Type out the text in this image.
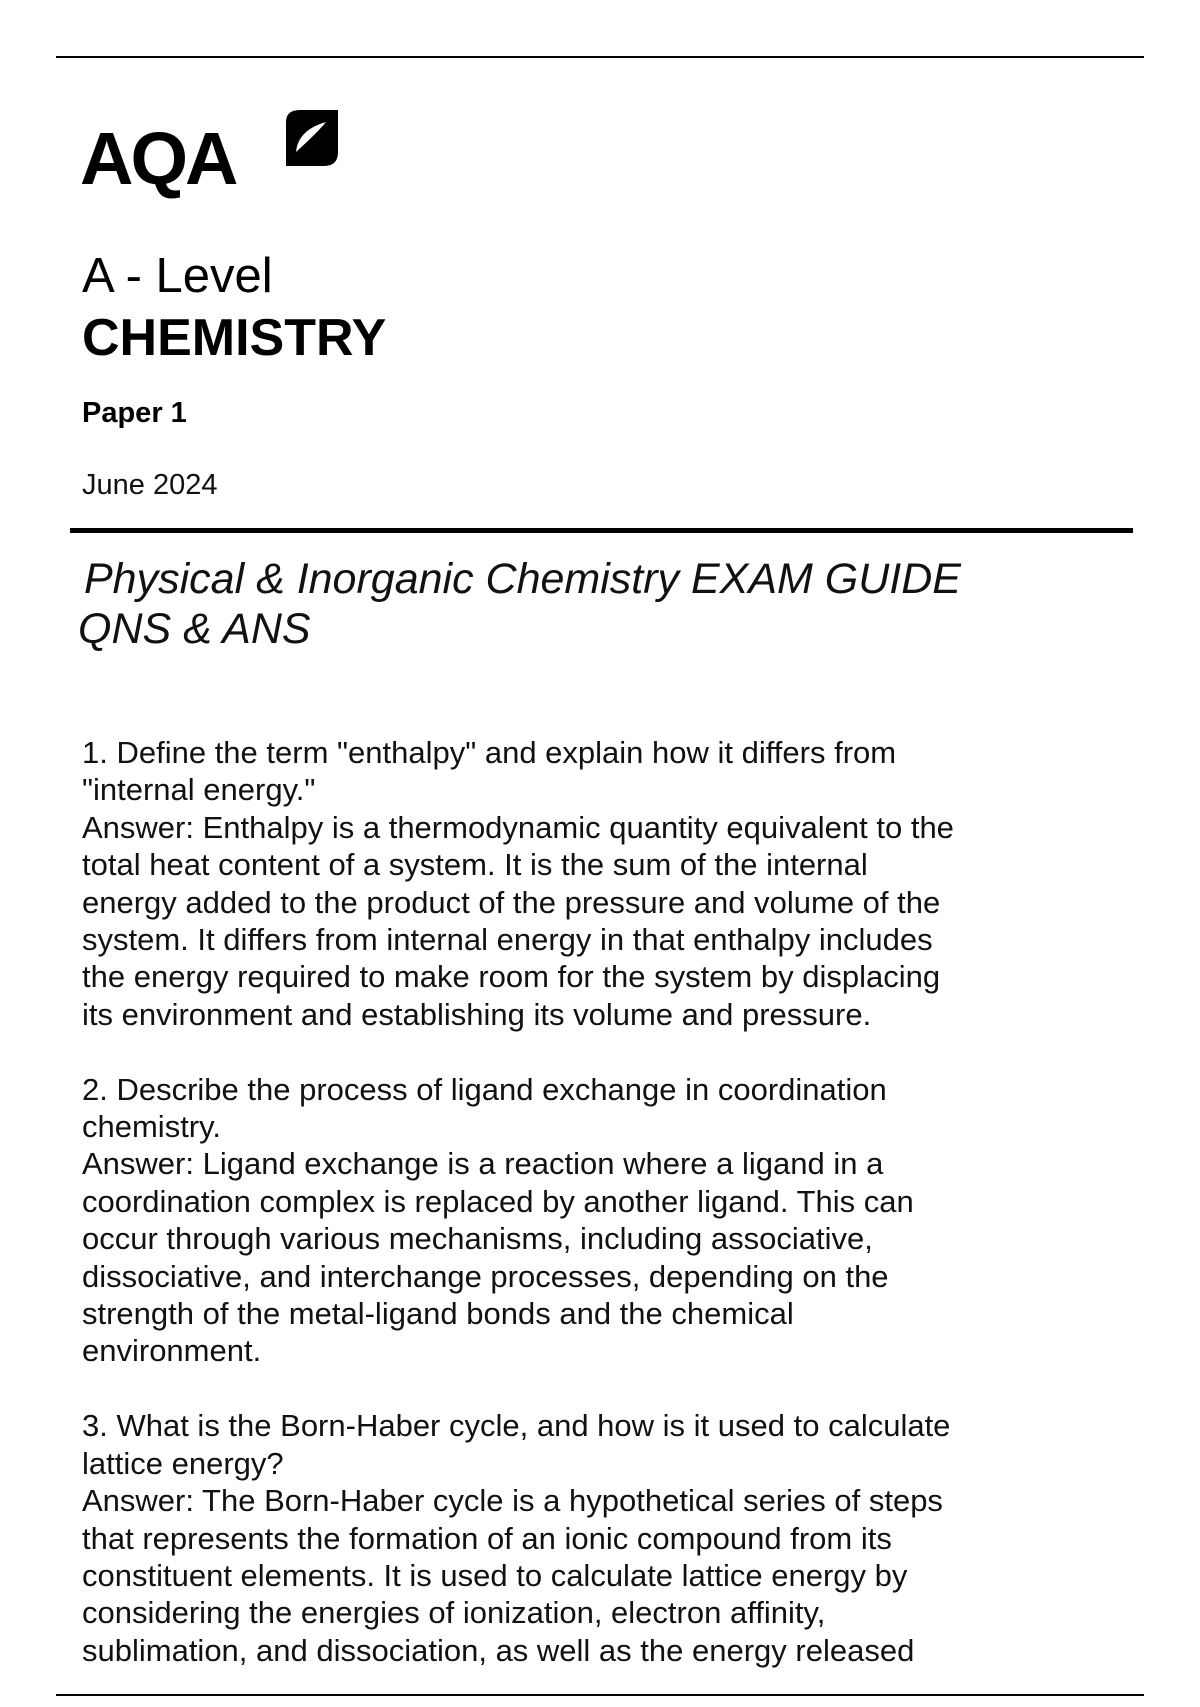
AQA
A - Level
CHEMISTRY
Paper 1
June 2024
Physical & Inorganic Chemistry EXAM GUIDE
QNS & ANS

1. Define the term "enthalpy" and explain how it differs from

"internal energy."

Answer: Enthalpy is a thermodynamic quantity equivalent to the

total heat content of a system. It is the sum of the internal

energy added to the product of the pressure and volume of the

system. It differs from internal energy in that enthalpy includes

the energy required to make room for the system by displacing

its environment and establishing its volume and pressure.

2. Describe the process of ligand exchange in coordination

chemistry.

Answer: Ligand exchange is a reaction where a ligand in a

coordination complex is replaced by another ligand. This can

occur through various mechanisms, including associative,

dissociative, and interchange processes, depending on the

strength of the metal-ligand bonds and the chemical

environment.

3. What is the Born-Haber cycle, and how is it used to calculate

lattice energy?

Answer: The Born-Haber cycle is a hypothetical series of steps

that represents the formation of an ionic compound from its

constituent elements. It is used to calculate lattice energy by

considering the energies of ionization, electron affinity,

sublimation, and dissociation, as well as the energy released
